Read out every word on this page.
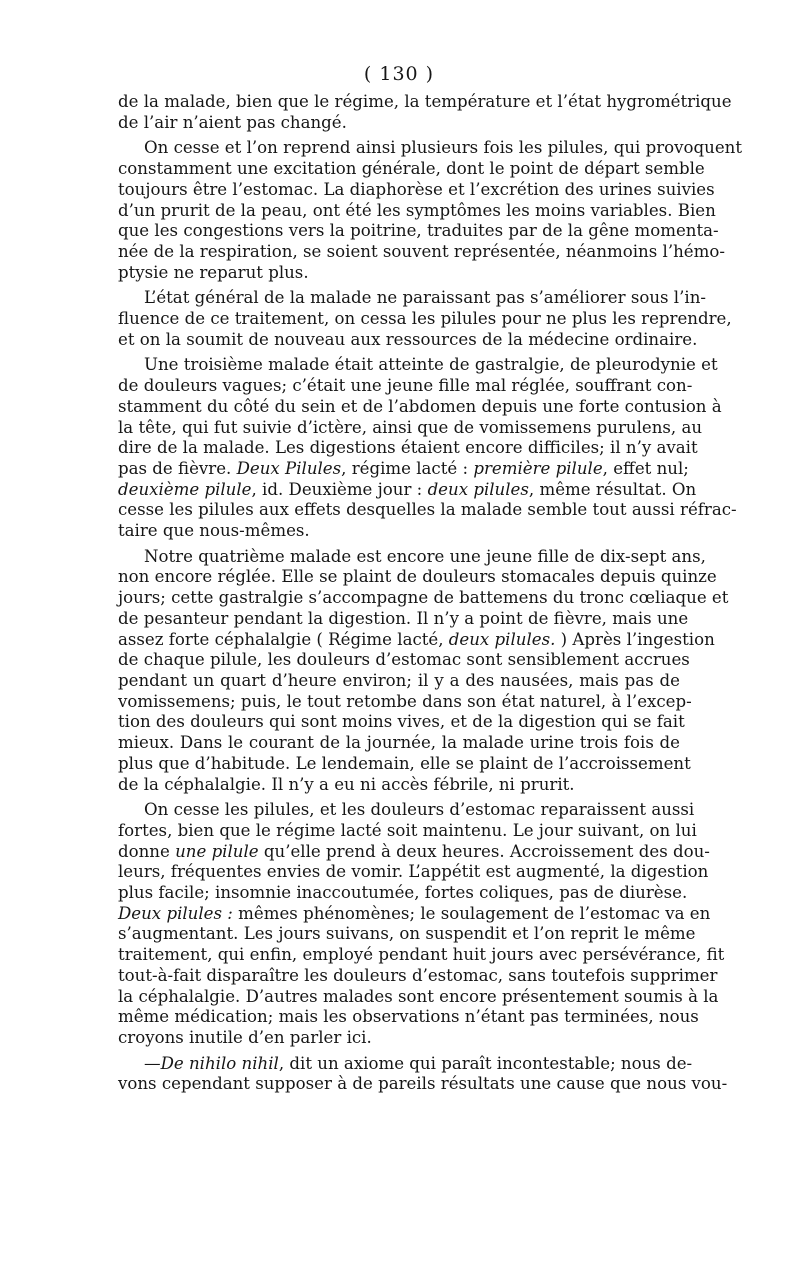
( 130 )
de la malade, bien que le régime, la température et l’état hygrométrique
de l’air n’aient pas changé.
On cesse et l’on reprend ainsi plusieurs fois les pilules, qui provoquent
constamment une excitation générale, dont le point de départ semble
toujours être l’estomac. La diaphorèse et l’excrétion des urines suivies
d’un prurit de la peau, ont été les symptômes les moins variables. Bien
que les congestions vers la poitrine, traduites par de la gêne momenta-
née de la respiration, se soient souvent représentée, néanmoins l’hémo-
ptysie ne reparut plus.
L’état général de la malade ne paraissant pas s’améliorer sous l’in-
fluence de ce traitement, on cessa les pilules pour ne plus les reprendre,
et on la soumit de nouveau aux ressources de la médecine ordinaire.
Une troisième malade était atteinte de gastralgie, de pleurodynie et
de douleurs vagues; c’était une jeune fille mal réglée, souffrant con-
stamment du côté du sein et de l’abdomen depuis une forte contusion à
la tête, qui fut suivie d’ictère, ainsi que de vomissemens purulens, au
dire de la malade. Les digestions étaient encore difficiles; il n’y avait
pas de fièvre. Deux Pilules, régime lacté : première pilule, effet nul;
deuxième pilule, id. Deuxième jour : deux pilules, même résultat. On
cesse les pilules aux effets desquelles la malade semble tout aussi réfrac-
taire que nous-mêmes.
Notre quatrième malade est encore une jeune fille de dix-sept ans,
non encore réglée. Elle se plaint de douleurs stomacales depuis quinze
jours; cette gastralgie s’accompagne de battemens du tronc cœliaque et
de pesanteur pendant la digestion. Il n’y a point de fièvre, mais une
assez forte céphalalgie ( Régime lacté, deux pilules. ) Après l’ingestion
de chaque pilule, les douleurs d’estomac sont sensiblement accrues
pendant un quart d’heure environ; il y a des nausées, mais pas de
vomissemens; puis, le tout retombe dans son état naturel, à l’excep-
tion des douleurs qui sont moins vives, et de la digestion qui se fait
mieux. Dans le courant de la journée, la malade urine trois fois de
plus que d’habitude. Le lendemain, elle se plaint de l’accroissement
de la céphalalgie. Il n’y a eu ni accès fébrile, ni prurit.
On cesse les pilules, et les douleurs d’estomac reparaissent aussi
fortes, bien que le régime lacté soit maintenu. Le jour suivant, on lui
donne une pilule qu’elle prend à deux heures. Accroissement des dou-
leurs, fréquentes envies de vomir. L’appétit est augmenté, la digestion
plus facile; insomnie inaccoutumée, fortes coliques, pas de diurèse.
Deux pilules : mêmes phénomènes; le soulagement de l’estomac va en
s’augmentant. Les jours suivans, on suspendit et l’on reprit le même
traitement, qui enfin, employé pendant huit jours avec persévérance, fit
tout-à-fait disparaître les douleurs d’estomac, sans toutefois supprimer
la céphalalgie. D’autres malades sont encore présentement soumis à la
même médication; mais les observations n’étant pas terminées, nous
croyons inutile d’en parler ici.
—De nihilo nihil, dit un axiome qui paraît incontestable; nous de-
vons cependant supposer à de pareils résultats une cause que nous vou-
